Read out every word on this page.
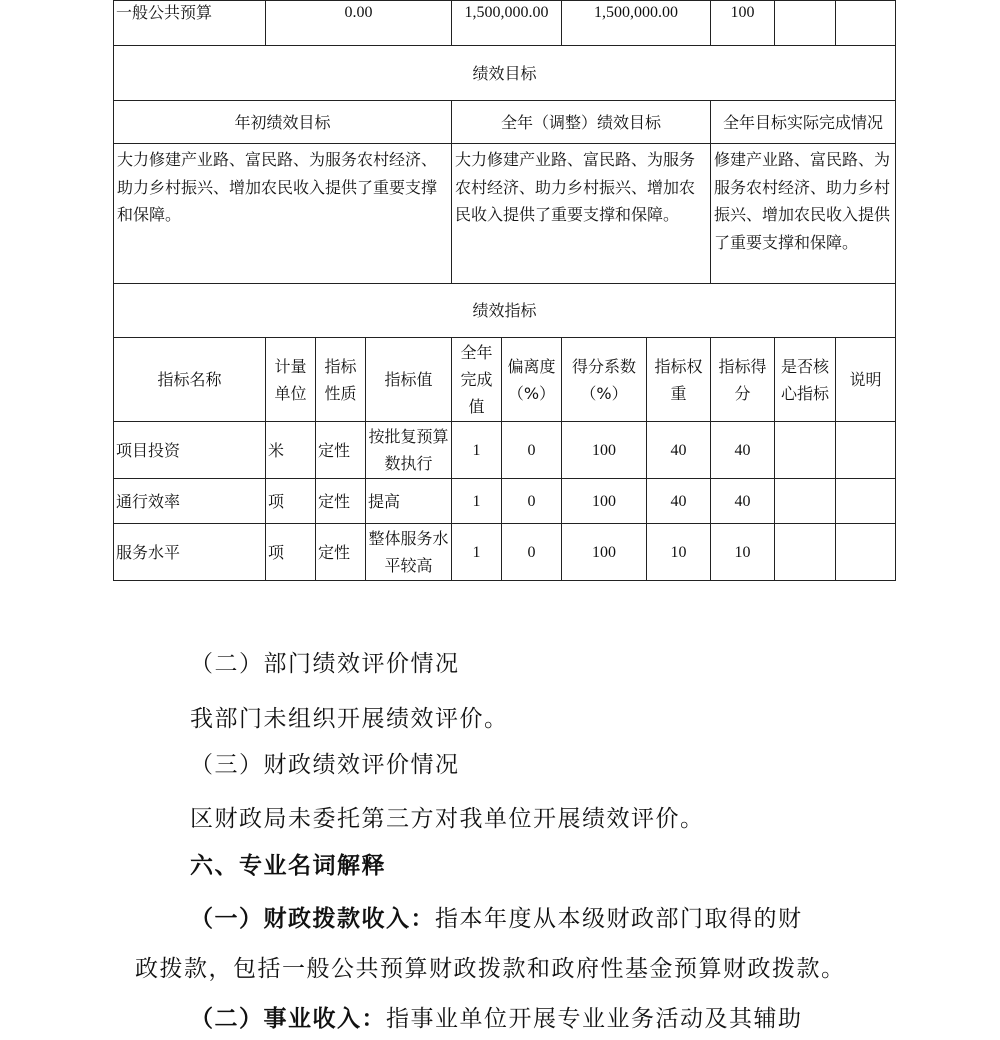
一般公共预算	0.00			1,500,000.00		1,500,000.00		100		
绩效目标										
年初绩效目标				全年（调整）绩效目标				全年目标实际完成情况		
大力修建产业路、富民路、为服务农村经济、助力乡村振兴、增加农民收入提供了重要支撑和保障。				大力修建产业路、富民路、为服务农村经济、助力乡村振兴、增加农民收入提供了重要支撑和保障。				修建产业路、富民路、为服务农村经济、助力乡村振兴、增加农民收入提供了重要支撑和保障。		
绩效指标										
指标名称	计量单位	指标性质	指标值	全年完成值	偏离度（%）	得分系数（%）	指标权重	指标得分	是否核心指标	说明
项目投资	米	定性	按批复预算数执行	1	0	100	40	40		
通行效率	项	定性	提高	1	0	100	40	40		
服务水平	项	定性	整体服务水平较高	1	0	100	10	10		
（二）部门绩效评价情况
我部门未组织开展绩效评价。
（三）财政绩效评价情况
区财政局未委托第三方对我单位开展绩效评价。
六、专业名词解释
（一）财政拨款收入：指本年度从本级财政部门取得的财
政拨款，包括一般公共预算财政拨款和政府性基金预算财政拨款。
（二）事业收入：指事业单位开展专业业务活动及其辅助
